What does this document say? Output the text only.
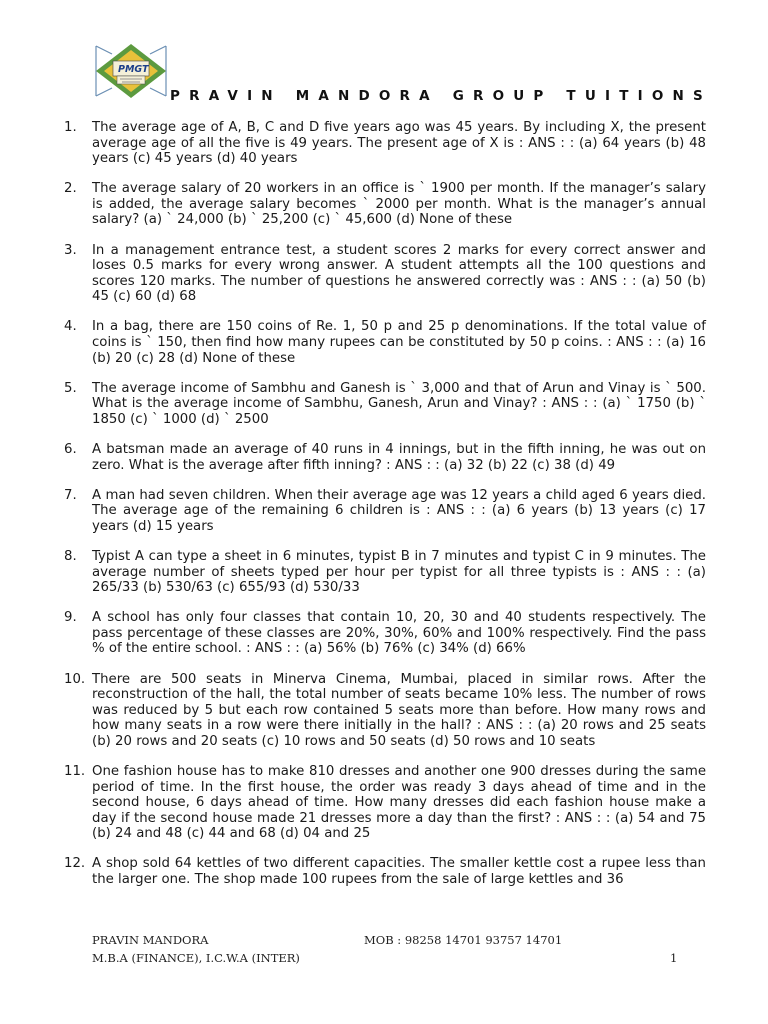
PMGT
PRAVIN MANDORA GROUP TUITIONS
1. The average age of A, B, C and D five years ago was 45 years. By including X, the present average age of all the five is 49 years. The present age of X is : ANS : : (a) 64 years (b) 48 years (c) 45 years (d) 40 years
2. The average salary of 20 workers in an office is ` 1900 per month. If the manager’s salary is added, the average salary becomes ` 2000 per month. What is the manager’s annual salary? (a) ` 24,000 (b) ` 25,200 (c) ` 45,600 (d) None of these
3. In a management entrance test, a student scores 2 marks for every correct answer and loses 0.5 marks for every wrong answer. A student attempts all the 100 questions and scores 120 marks. The number of questions he answered correctly was : ANS : : (a) 50 (b) 45 (c) 60 (d) 68
4. In a bag, there are 150 coins of Re. 1, 50 p and 25 p denominations. If the total value of coins is ` 150, then find how many rupees can be constituted by 50 p coins. : ANS : : (a) 16 (b) 20 (c) 28 (d) None of these
5. The average income of Sambhu and Ganesh is ` 3,000 and that of Arun and Vinay is ` 500. What is the average income of Sambhu, Ganesh, Arun and Vinay? : ANS : : (a) ` 1750 (b) ` 1850 (c) ` 1000 (d) ` 2500
6. A batsman made an average of 40 runs in 4 innings, but in the fifth inning, he was out on zero. What is the average after fifth inning? : ANS : : (a) 32 (b) 22 (c) 38 (d) 49
7. A man had seven children. When their average age was 12 years a child aged 6 years died. The average age of the remaining 6 children is : ANS : : (a) 6 years (b) 13 years (c) 17 years (d) 15 years
8. Typist A can type a sheet in 6 minutes, typist B in 7 minutes and typist C in 9 minutes. The average number of sheets typed per hour per typist for all three typists is : ANS : : (a) 265/33 (b) 530/63 (c) 655/93 (d) 530/33
9. A school has only four classes that contain 10, 20, 30 and 40 students respectively. The pass percentage of these classes are 20%, 30%, 60% and 100% respectively. Find the pass % of the entire school. : ANS : : (a) 56% (b) 76% (c) 34% (d) 66%
10. There are 500 seats in Minerva Cinema, Mumbai, placed in similar rows. After the reconstruction of the hall, the total number of seats became 10% less. The number of rows was reduced by 5 but each row contained 5 seats more than before. How many rows and how many seats in a row were there initially in the hall? : ANS : : (a) 20 rows and 25 seats (b) 20 rows and 20 seats (c) 10 rows and 50 seats (d) 50 rows and 10 seats
11. One fashion house has to make 810 dresses and another one 900 dresses during the same period of time. In the first house, the order was ready 3 days ahead of time and in the second house, 6 days ahead of time. How many dresses did each fashion house make a day if the second house made 21 dresses more a day than the first? : ANS : : (a) 54 and 75 (b) 24 and 48 (c) 44 and 68 (d) 04 and 25
12. A shop sold 64 kettles of two different capacities. The smaller kettle cost a rupee less than the larger one. The shop made 100 rupees from the sale of large kettles and 36
PRAVIN MANDORA	MOB : 98258 14701 93757 14701
M.B.A (FINANCE), I.C.W.A (INTER)	1
